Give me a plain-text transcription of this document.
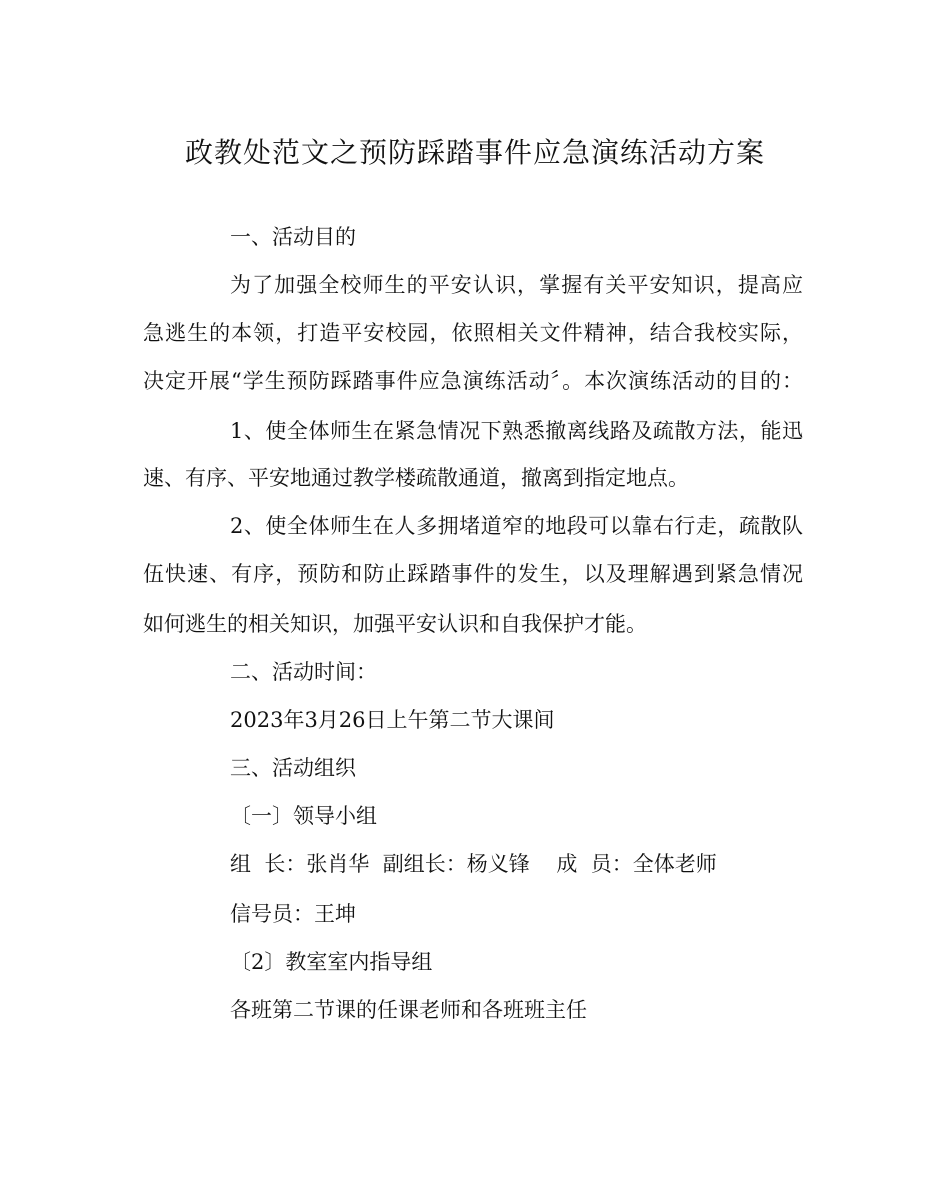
政教处范文之预防踩踏事件应急演练活动方案
一、活动目的
为了加强全校师生的平安认识，掌握有关平安知识，提高应
急逃生的本领，打造平安校园，依照相关文件精神，结合我校实际，
决定开展“学生预防踩踏事件应急演练活动〞。本次演练活动的目的：
1、使全体师生在紧急情况下熟悉撤离线路及疏散方法，能迅
速、有序、平安地通过教学楼疏散通道，撤离到指定地点。
2、使全体师生在人多拥堵道窄的地段可以靠右行走，疏散队
伍快速、有序，预防和防止踩踏事件的发生，以及理解遇到紧急情况
如何逃生的相关知识，加强平安认识和自我保护才能。
二、活动时间：
2023年3月26日上午第二节大课间
三、活动组织
〔一〕领导小组
组  长：张肖华  副组长：杨义锋    成  员：全体老师
信号员：王坤
〔2〕教室室内指导组
各班第二节课的任课老师和各班班主任
